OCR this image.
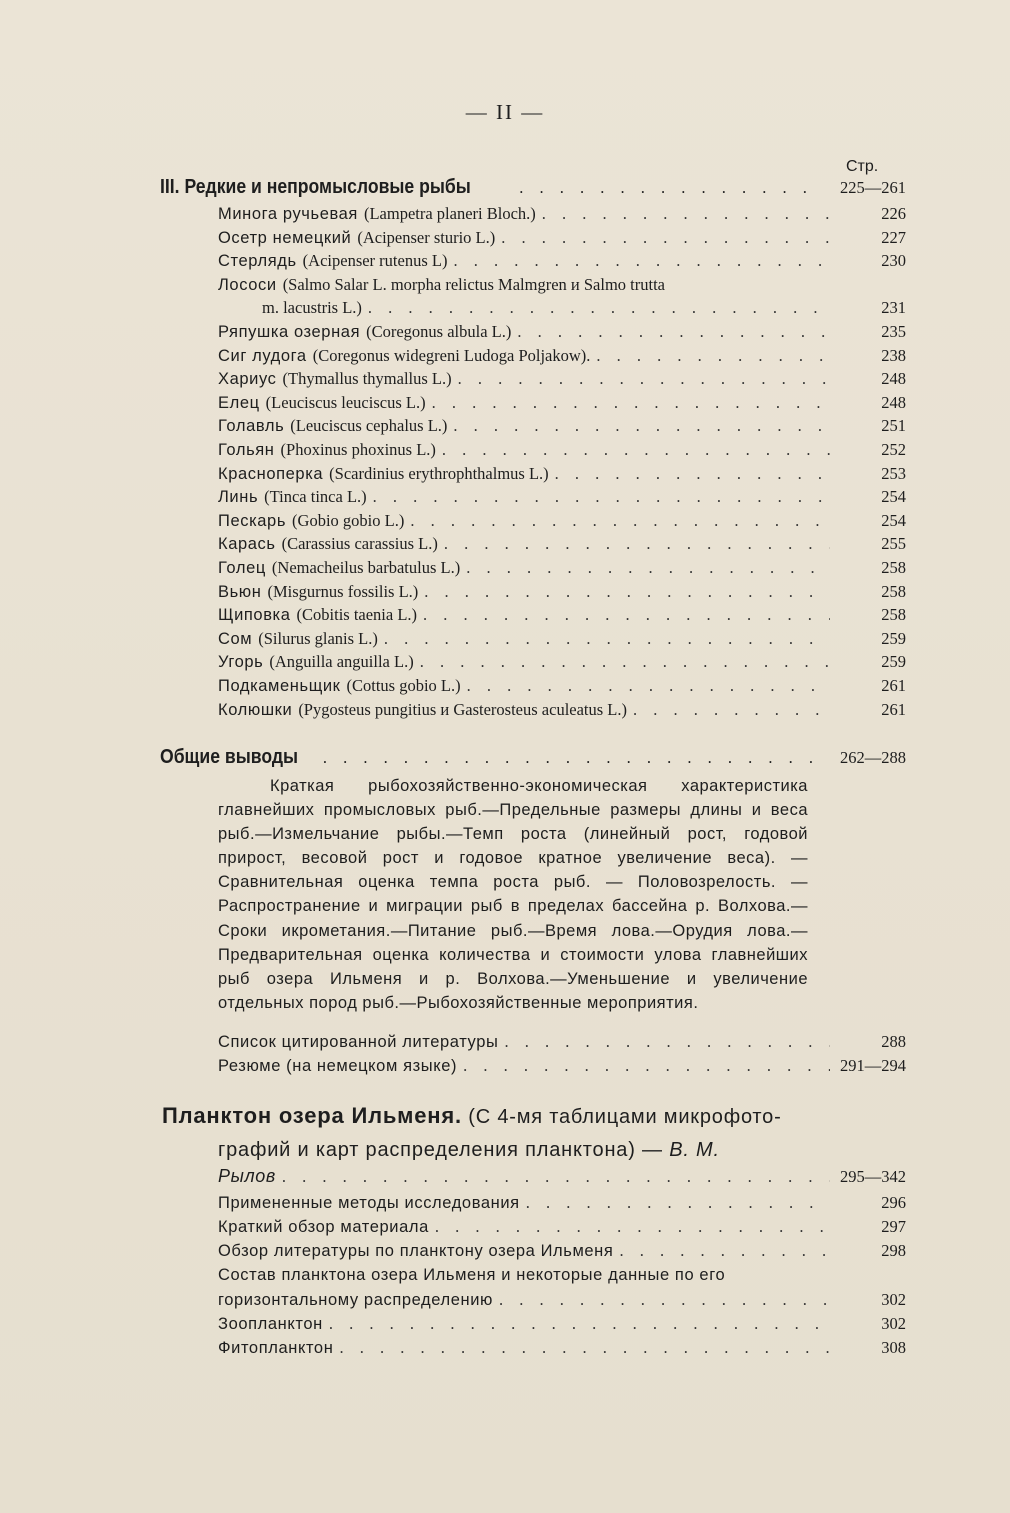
— II —
Стр.
III. Редкие и непромысловые рыбы . . .	225—261
Минога ручьевая (Lampetra planeri Bloch.) . . .	226
Осетр немецкий (Acipenser sturio L.) . . .	227
Стерлядь (Acipenser rutenus L) . . .	230
Лососи (Salmo Salar L. morpha relictus Malmgren и Salmo trutta
m. lacustris L.) . . .	231
Ряпушка озерная (Coregonus albula L.) . . .	235
Сиг лудога (Coregonus widegreni Ludoga Poljakow). . . .	238
Хариус (Thymallus thymallus L.) . . .	248
Елец (Leuciscus leuciscus L.) . . .	248
Голавль (Leuciscus cephalus L.) . . .	251
Гольян (Phoxinus phoxinus L.) . . .	252
Красноперка (Scardinius erythrophthalmus L.) . . .	253
Линь (Tinca tinca L.) . . .	254
Пескарь (Gobio gobio L.) . . .	254
Карась (Carassius carassius L.) . . .	255
Голец (Nemacheilus barbatulus L.) . . .	258
Вьюн (Misgurnus fossilis L.) . . .	258
Щиповка (Cobitis taenia L.) . . .	258
Сом (Silurus glanis L.) . . .	259
Угорь (Anguilla anguilla L.) . . .	259
Подкаменьщик (Cottus gobio L.) . . .	261
Колюшки (Pygosteus pungitius и Gasterosteus aculeatus L.) . . .	261
Общие выводы . . .	262—288
Краткая рыбохозяйственно-экономическая характеристика главнейших промысловых рыб.—Предельные размеры длины и веса рыб.—Измельчание рыбы.—Темп роста (линейный рост, годовой прирост, весовой рост и годовое кратное увеличение веса). — Сравнительная оценка темпа роста рыб. — Половозрелость. — Распространение и миграции рыб в пределах бассейна р. Волхова.—Сроки икрометания.—Питание рыб.—Время лова.—Орудия лова.—Предварительная оценка количества и стоимости улова главнейших рыб озера Ильменя и р. Волхова.—Уменьшение и увеличение отдельных пород рыб.—Рыбохозяйственные мероприятия.
Список цитированной литературы . . .	288
Резюме (на немецком языке) . . .	291—294
Планктон озера Ильменя. (С 4-мя таблицами микрофото-
графий и карт распределения планктона) — В. М.
Рылов . . .	295—342
Примененные методы исследования . . .	296
Краткий обзор материала . . .	297
Обзор литературы по планктону озера Ильменя . . .	298
Состав планктона озера Ильменя и некоторые данные по его
горизонтальному распределению . . .	302
Зоопланктон . . .	302
Фитопланктон . . .	308
